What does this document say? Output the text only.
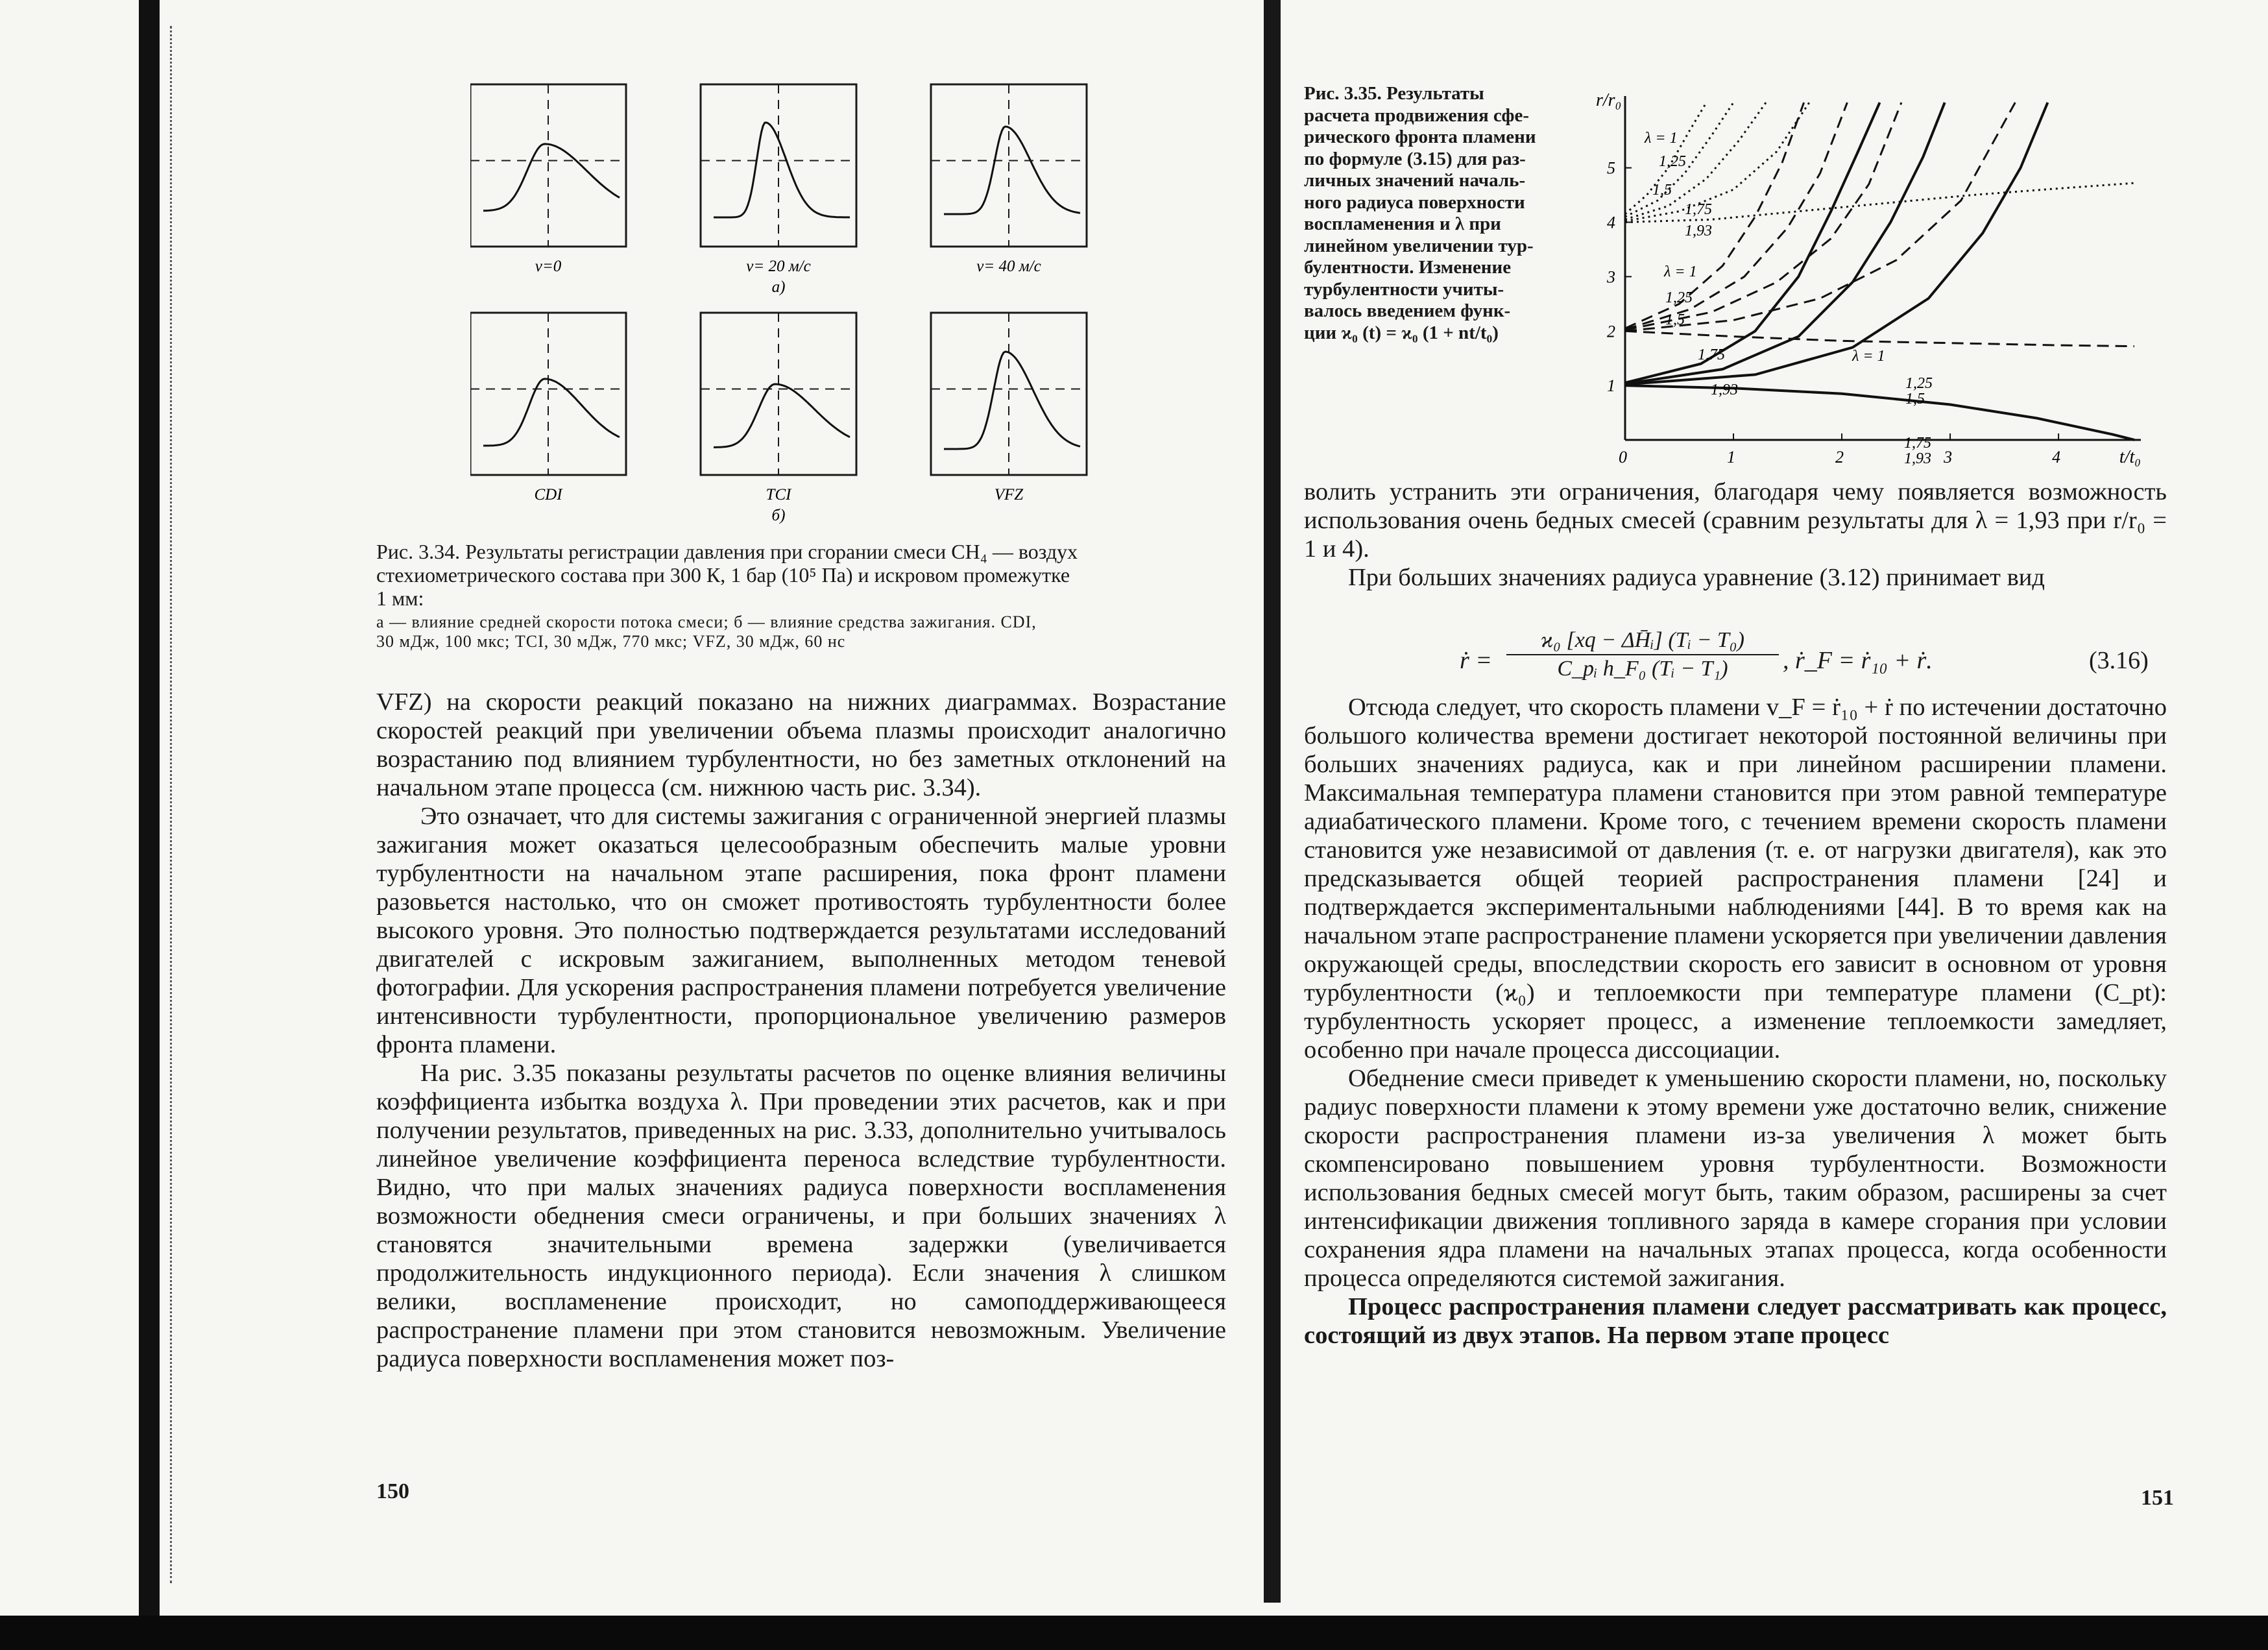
v=0	v= 20 м/с	v= 40 м/с
а)
CDI	TCI	VFZ
б)
Рис. 3.34. Результаты регистрации давления при сгорании смеси CH₄ — воздух
стехиометрического состава при 300 К, 1 бар (10⁵ Па) и искровом промежутке
1 мм:
а — влияние средней скорости потока смеси; б — влияние средства зажигания. CDI,
30 мДж, 100 мкс; TCI, 30 мДж, 770 мкс; VFZ, 30 мДж, 60 нс

VFZ) на скорости реакций показано на нижних диаграммах. Возрастание скоростей реакций при увеличении объема плазмы происходит аналогично возрастанию под влиянием турбулентности, но без заметных отклонений на начальном этапе процесса (см. нижнюю часть рис. 3.34).

Это означает, что для системы зажигания с ограниченной энергией плазмы зажигания может оказаться целесообразным обеспечить малые уровни турбулентности на начальном этапе расширения, пока фронт пламени разовьется настолько, что он сможет противостоять турбулентности более высокого уровня. Это полностью подтверждается результатами исследований двигателей с искровым зажиганием, выполненных методом теневой фотографии. Для ускорения распространения пламени потребуется увеличение интенсивности турбулентности, пропорциональное увеличению размеров фронта пламени.

На рис. 3.35 показаны результаты расчетов по оценке влияния величины коэффициента избытка воздуха λ. При проведении этих расчетов, как и при получении результатов, приведенных на рис. 3.33, дополнительно учитывалось линейное увеличение коэффициента переноса вследствие турбулентности. Видно, что при малых значениях радиуса поверхности воспламенения возможности обеднения смеси ограничены, и при больших значениях λ становятся значительными времена задержки (увеличивается продолжительность индукционного периода). Если значения λ слишком велики, воспламенение происходит, но самоподдерживающееся распространение пламени при этом становится невозможным. Увеличение радиуса поверхности воспламенения может поз-

150
Рис. 3.35. Результаты
расчета продвижения сфе-
рического фронта пламени
по формуле (3.15) для раз-
личных значений началь-
ного радиуса поверхности
воспламенения и λ при
линейном увеличении тур-
булентности. Изменение
турбулентности учиты-
валось введением функ-
ции ϰ₀ (t) = ϰ₀ (1 + nt/t₀)
0	1	2	3	4
1
2
3
4
5
λ = 1
1,25
1,5
1,75
1,93
λ = 1
1,25
1,5
1,75
1,93
λ = 1
1,25
1,5
1,75
1,93
r/r₀
t/t₀

волить устранить эти ограничения, благодаря чему появляется возможность использования очень бедных смесей (сравним результаты для λ = 1,93 при r/r₀ = 1 и 4).

При больших значениях радиуса уравнение (3.12) принимает вид

ṙ = $\frac{\text{ϰ₀ [xq − ΔH̄ᵢ] (Tᵢ − T₀)}}{\text{C\_pᵢ h\_F₀ (Tᵢ − T₁)}}$ , ṙ_F = ṙ₁₀ + ṙ.	(3.16)

Отсюда следует, что скорость пламени v_F = ṙ₁₀ + ṙ по истечении достаточно большого количества времени достигает некоторой постоянной величины при больших значениях радиуса, как и при линейном расширении пламени. Максимальная температура пламени становится при этом равной температуре адиабатического пламени. Кроме того, с течением времени скорость пламени становится уже независимой от давления (т. е. от нагрузки двигателя), как это предсказывается общей теорией распространения пламени [24] и подтверждается экспериментальными наблюдениями [44]. В то время как на начальном этапе распространение пламени ускоряется при увеличении давления окружающей среды, впоследствии скорость его зависит в основном от уровня турбулентности (ϰ₀) и теплоемкости при температуре пламени (C_pt): турбулентность ускоряет процесс, а изменение теплоемкости замедляет, особенно при начале процесса диссоциации.

Обеднение смеси приведет к уменьшению скорости пламени, но, поскольку радиус поверхности пламени к этому времени уже достаточно велик, снижение скорости распространения пламени из-за увеличения λ может быть скомпенсировано повышением уровня турбулентности. Возможности использования бедных смесей могут быть, таким образом, расширены за счет интенсификации движения топливного заряда в камере сгорания при условии сохранения ядра пламени на начальных этапах процесса, когда особенности процесса определяются системой зажигания.

Процесс распространения пламени следует рассматривать как процесс, состоящий из двух этапов. На первом этапе процесс

151
